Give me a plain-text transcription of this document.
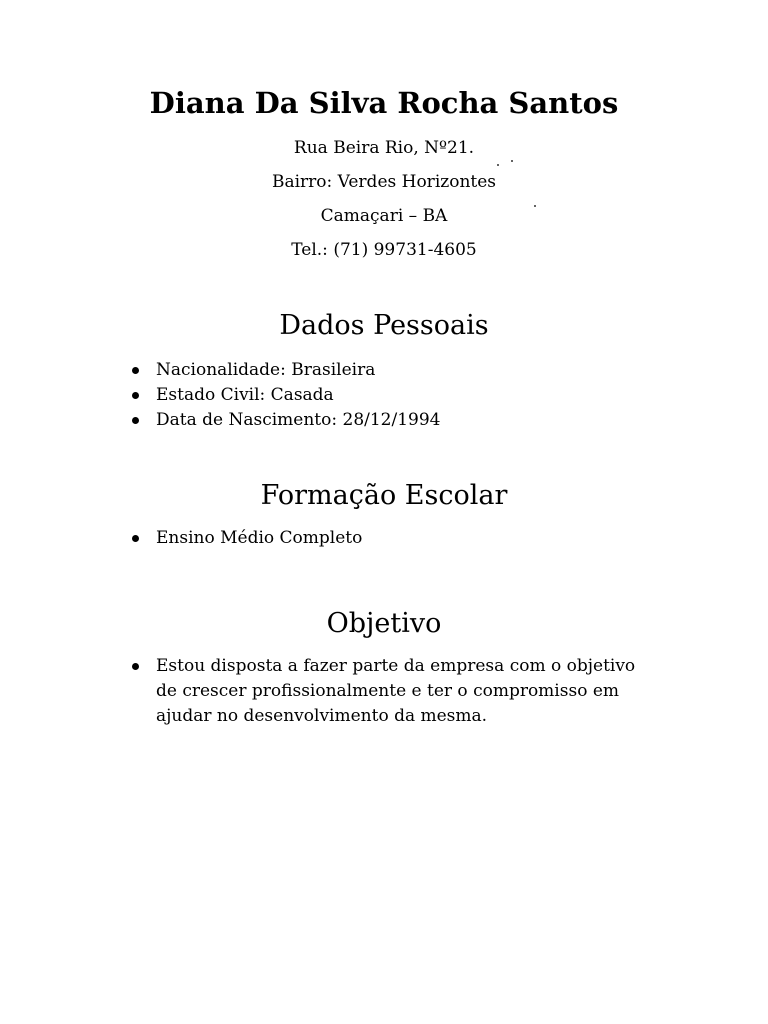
Diana Da Silva Rocha Santos
Rua Beira Rio, Nº21.
Bairro: Verdes Horizontes
Camaçari – BA
Tel.: (71) 99731-4605
Dados Pessoais
Nacionalidade: Brasileira
Estado Civil: Casada
Data de Nascimento: 28/12/1994
Formação Escolar
Ensino Médio Completo
Objetivo
Estou disposta a fazer parte da empresa com o objetivo de crescer profissionalmente e ter o compromisso em ajudar no desenvolvimento da mesma.
